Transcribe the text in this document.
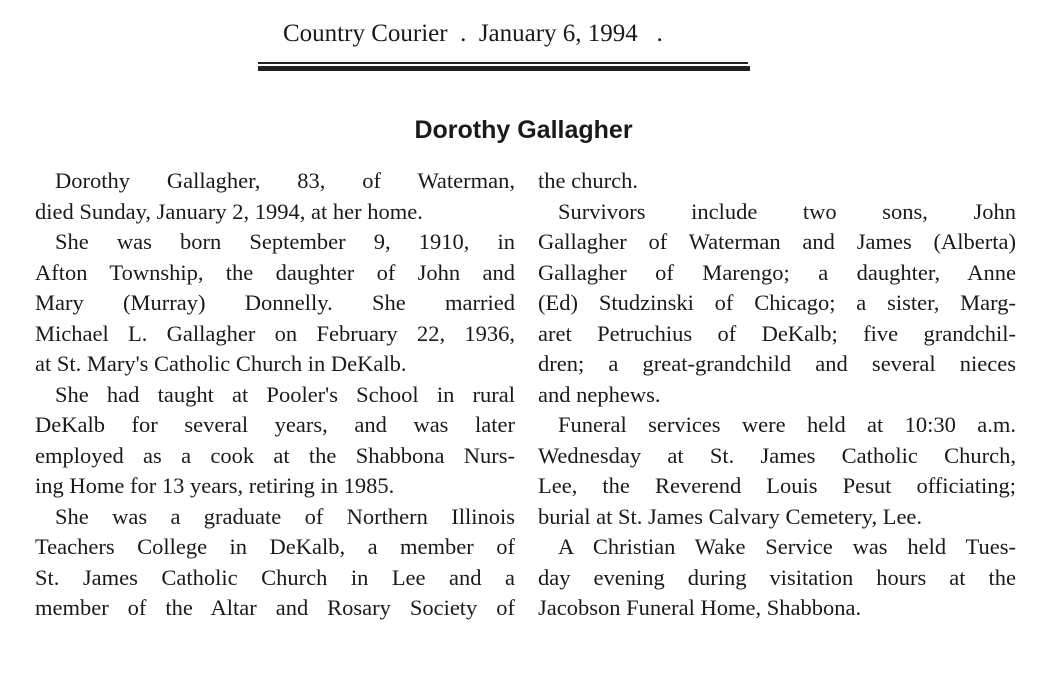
Country Courier  .  January 6, 1994   .
Dorothy Gallagher
Dorothy Gallagher, 83, of Waterman,
died Sunday, January 2, 1994, at her home.
She was born September 9, 1910, in
Afton Township, the daughter of John and
Mary (Murray) Donnelly. She married
Michael L. Gallagher on February 22, 1936,
at St. Mary's Catholic Church in DeKalb.
She had taught at Pooler's School in rural
DeKalb for several years, and was later
employed as a cook at the Shabbona Nurs-
ing Home for 13 years, retiring in 1985.
She was a graduate of Northern Illinois
Teachers College in DeKalb, a member of
St. James Catholic Church in Lee and a
member of the Altar and Rosary Society of
the church.
Survivors include two sons, John
Gallagher of Waterman and James (Alberta)
Gallagher of Marengo; a daughter, Anne
(Ed) Studzinski of Chicago; a sister, Marg-
aret Petruchius of DeKalb; five grandchil-
dren; a great-grandchild and several nieces
and nephews.
Funeral services were held at 10:30 a.m.
Wednesday at St. James Catholic Church,
Lee, the Reverend Louis Pesut officiating;
burial at St. James Calvary Cemetery, Lee.
A Christian Wake Service was held Tues-
day evening during visitation hours at the
Jacobson Funeral Home, Shabbona.
